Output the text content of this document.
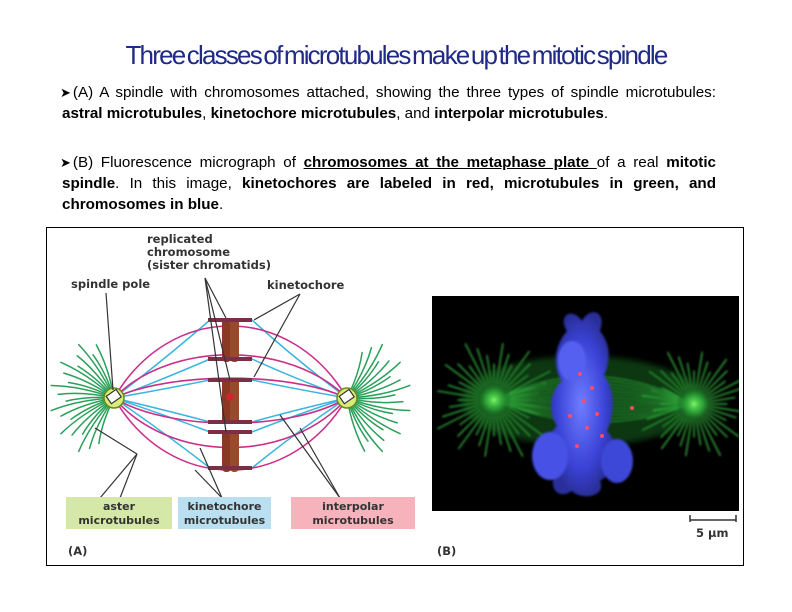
Three classes of microtubules make up the mitotic spindle
➤ (A) A spindle with chromosomes attached, showing the three types of spindle microtubules: astral microtubules, kinetochore microtubules, and interpolar microtubules.
➤ (B) Fluorescence micrograph of chromosomes at the metaphase plate of a real mitotic spindle. In this image, kinetochores are labeled in red, microtubules in green, and chromosomes in blue.
replicated
chromosome
(sister chromatids)
spindle pole	kinetochore
aster
microtubules
kinetochore
microtubules
interpolar
microtubules
(A)	(B)
5 μm
